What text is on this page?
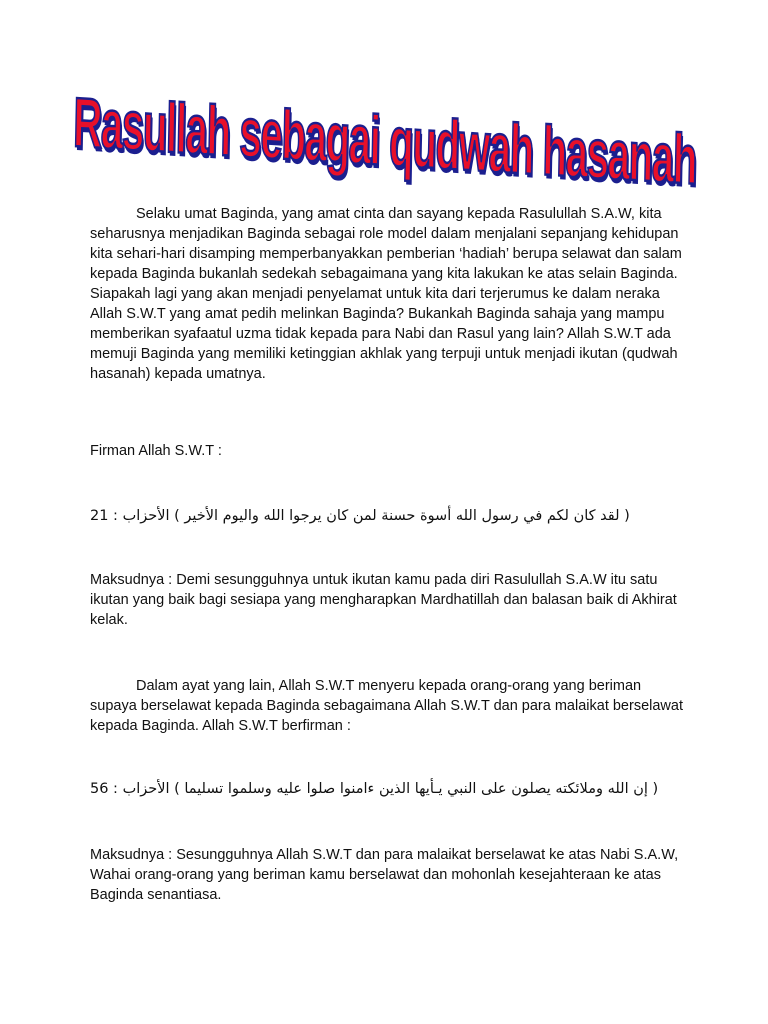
Rasullah sebagai qudwah hasanah

Selaku umat Baginda, yang amat cinta dan sayang kepada Rasulullah S.A.W, kita seharusnya menjadikan Baginda sebagai role model dalam menjalani sepanjang kehidupan kita sehari-hari disamping memperbanyakkan pemberian ‘hadiah’ berupa selawat dan salam kepada Baginda bukanlah sedekah sebagaimana yang kita lakukan ke atas selain Baginda. Siapakah lagi yang akan menjadi penyelamat untuk kita dari terjerumus ke dalam neraka Allah S.W.T yang amat pedih melinkan Baginda? Bukankah Baginda sahaja yang mampu memberikan syafaatul uzma tidak kepada para Nabi dan Rasul yang lain? Allah S.W.T ada memuji Baginda yang memiliki ketinggian akhlak yang terpuji untuk menjadi ikutan (qudwah hasanah) kepada umatnya.

Firman Allah S.W.T :

21 : ( لقد كان لكم في رسول الله أسوة حسنة لمن كان يرجوا الله واليوم الأخير ) الأحزاب

Maksudnya : Demi sesungguhnya untuk ikutan kamu pada diri Rasulullah S.A.W itu satu ikutan yang baik bagi sesiapa yang mengharapkan Mardhatillah dan balasan baik di Akhirat kelak.

Dalam ayat yang lain, Allah S.W.T menyeru kepada orang-orang yang beriman supaya berselawat kepada Baginda sebagaimana Allah S.W.T dan para malaikat berselawat kepada Baginda. Allah S.W.T berfirman :

56 : ( إن الله وملائكته يصلون على النبي يـأيها الذين ءامنوا صلوا عليه وسلموا تسليما ) الأحزاب

Maksudnya : Sesungguhnya Allah S.W.T dan para malaikat berselawat ke atas Nabi S.A.W, Wahai orang-orang yang beriman kamu berselawat dan mohonlah kesejahteraan ke atas Baginda senantiasa.
